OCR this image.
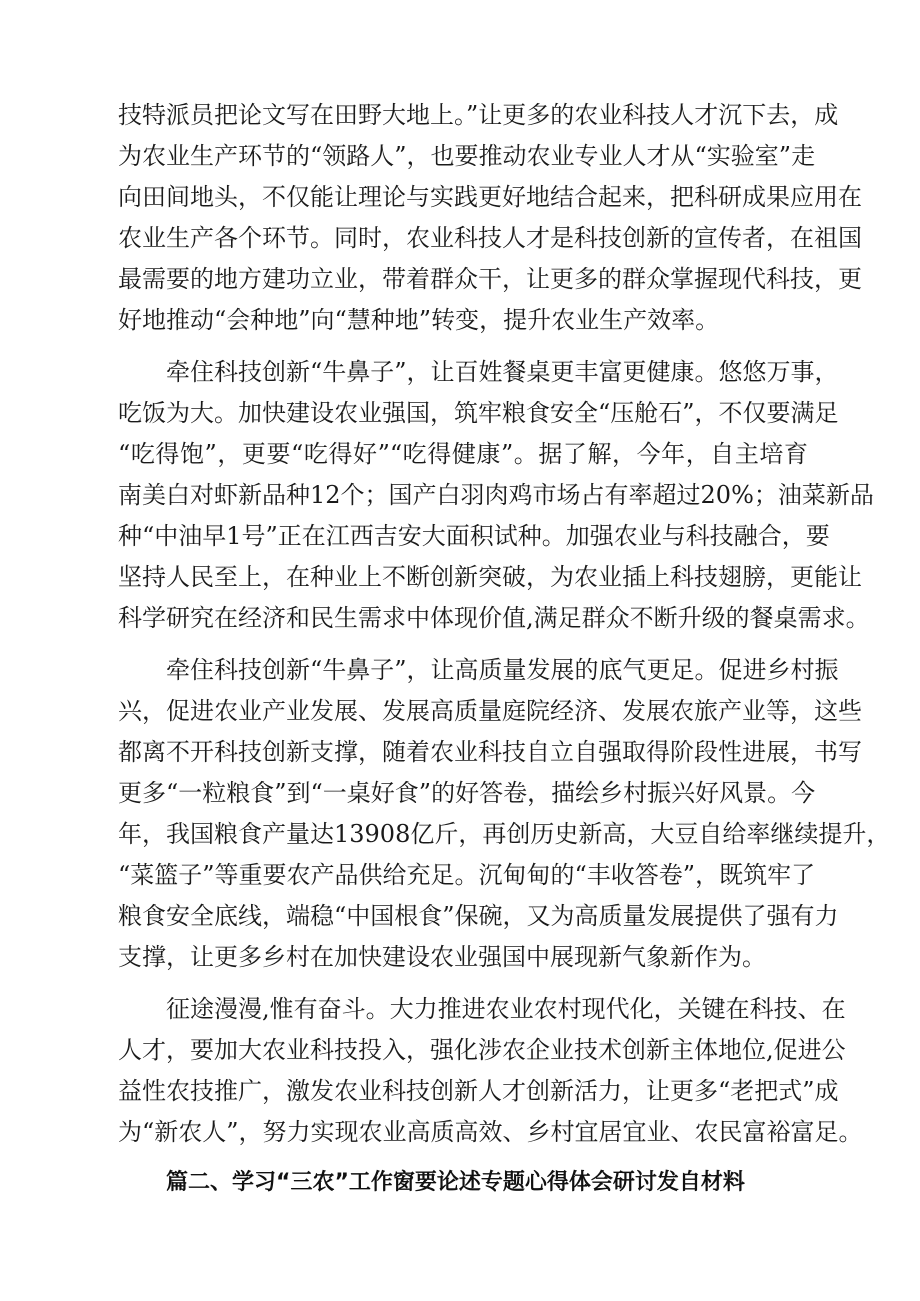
技特派员把论文写在田野大地上。”让更多的农业科技人才沉下去，成
为农业生产环节的“领路人”，也要推动农业专业人才从“实验室”走
向田间地头，不仅能让理论与实践更好地结合起来，把科研成果应用在
农业生产各个环节。同时，农业科技人才是科技创新的宣传者，在祖国
最需要的地方建功立业，带着群众干，让更多的群众掌握现代科技，更
好地推动“会种地”向“慧种地”转变，提升农业生产效率。
牵住科技创新“牛鼻子”，让百姓餐桌更丰富更健康。悠悠万事，
吃饭为大。加快建设农业强国，筑牢粮食安全“压舱石”，不仅要满足
“吃得饱”，更要“吃得好”“吃得健康”。据了解，今年，自主培育
南美白对虾新品种12个；国产白羽肉鸡市场占有率超过20%；油菜新品
种“中油早1号”正在江西吉安大面积试种。加强农业与科技融合，要
坚持人民至上，在种业上不断创新突破，为农业插上科技翅膀，更能让
科学研究在经济和民生需求中体现价值,满足群众不断升级的餐桌需求。
牵住科技创新“牛鼻子”，让高质量发展的底气更足。促进乡村振
兴，促进农业产业发展、发展高质量庭院经济、发展农旅产业等，这些
都离不开科技创新支撑，随着农业科技自立自强取得阶段性进展，书写
更多“一粒粮食”到“一桌好食”的好答卷，描绘乡村振兴好风景。今
年，我国粮食产量达13908亿斤，再创历史新高，大豆自给率继续提升，
“菜篮子”等重要农产品供给充足。沉甸甸的“丰收答卷”，既筑牢了
粮食安全底线，端稳“中国根食”保碗，又为高质量发展提供了强有力
支撑，让更多乡村在加快建设农业强国中展现新气象新作为。
征途漫漫,惟有奋斗。大力推进农业农村现代化，关键在科技、在
人才，要加大农业科技投入，强化涉农企业技术创新主体地位,促进公
益性农技推广，激发农业科技创新人才创新活力，让更多“老把式”成
为“新农人”，努力实现农业高质高效、乡村宜居宜业、农民富裕富足。
篇二、学习“三农”工作窗要论述专题心得体会研讨发自材料
